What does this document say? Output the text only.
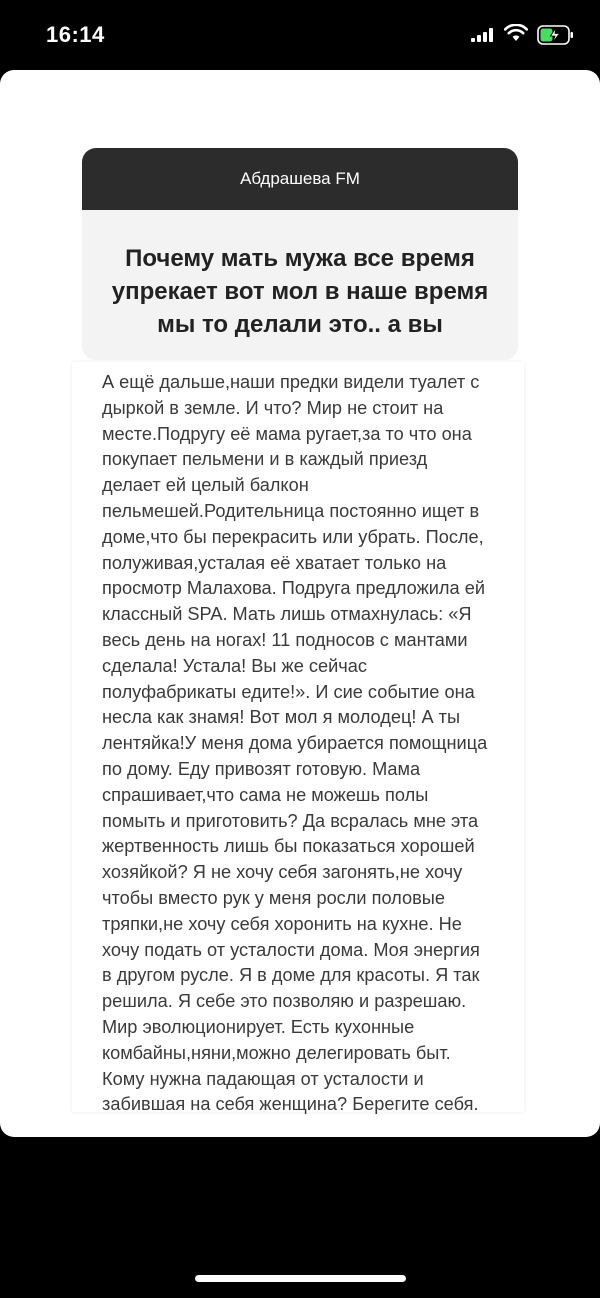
16:14
Абдрашева FM
Почему мать мужа все время упрекает вот мол в наше время мы то делали это.. а вы

А ещё дальше,наши предки видели туалет с
дыркой в земле. И что? Мир не стоит на
месте.Подругу её мама ругает,за то что она
покупает пельмени и в каждый приезд
делает ей целый балкон
пельмешей.Родительница постоянно ищет в
доме,что бы перекрасить или убрать. После,
полуживая,усталая её хватает только на
просмотр Малахова. Подруга предложила ей
классный SPA. Мать лишь отмахнулась: «Я
весь день на ногах! 11 подносов с мантами
сделала! Устала! Вы же сейчас
полуфабрикаты едите!». И сие событие она
несла как знамя! Вот мол я молодец! А ты
лентяйка!У меня дома убирается помощница
по дому. Еду привозят готовую. Мама
спрашивает,что сама не можешь полы
помыть и приготовить? Да всралась мне эта
жертвенность лишь бы показаться хорошей
хозяйкой? Я не хочу себя загонять,не хочу
чтобы вместо рук у меня росли половые
тряпки,не хочу себя хоронить на кухне. Не
хочу подать от усталости дома. Моя энергия
в другом русле. Я в доме для красоты. Я так
решила. Я себе это позволяю и разрешаю.
Мир эволюционирует. Есть кухонные
комбайны,няни,можно делегировать быт.
Кому нужна падающая от усталости и
забившая на себя женщина? Берегите себя.
